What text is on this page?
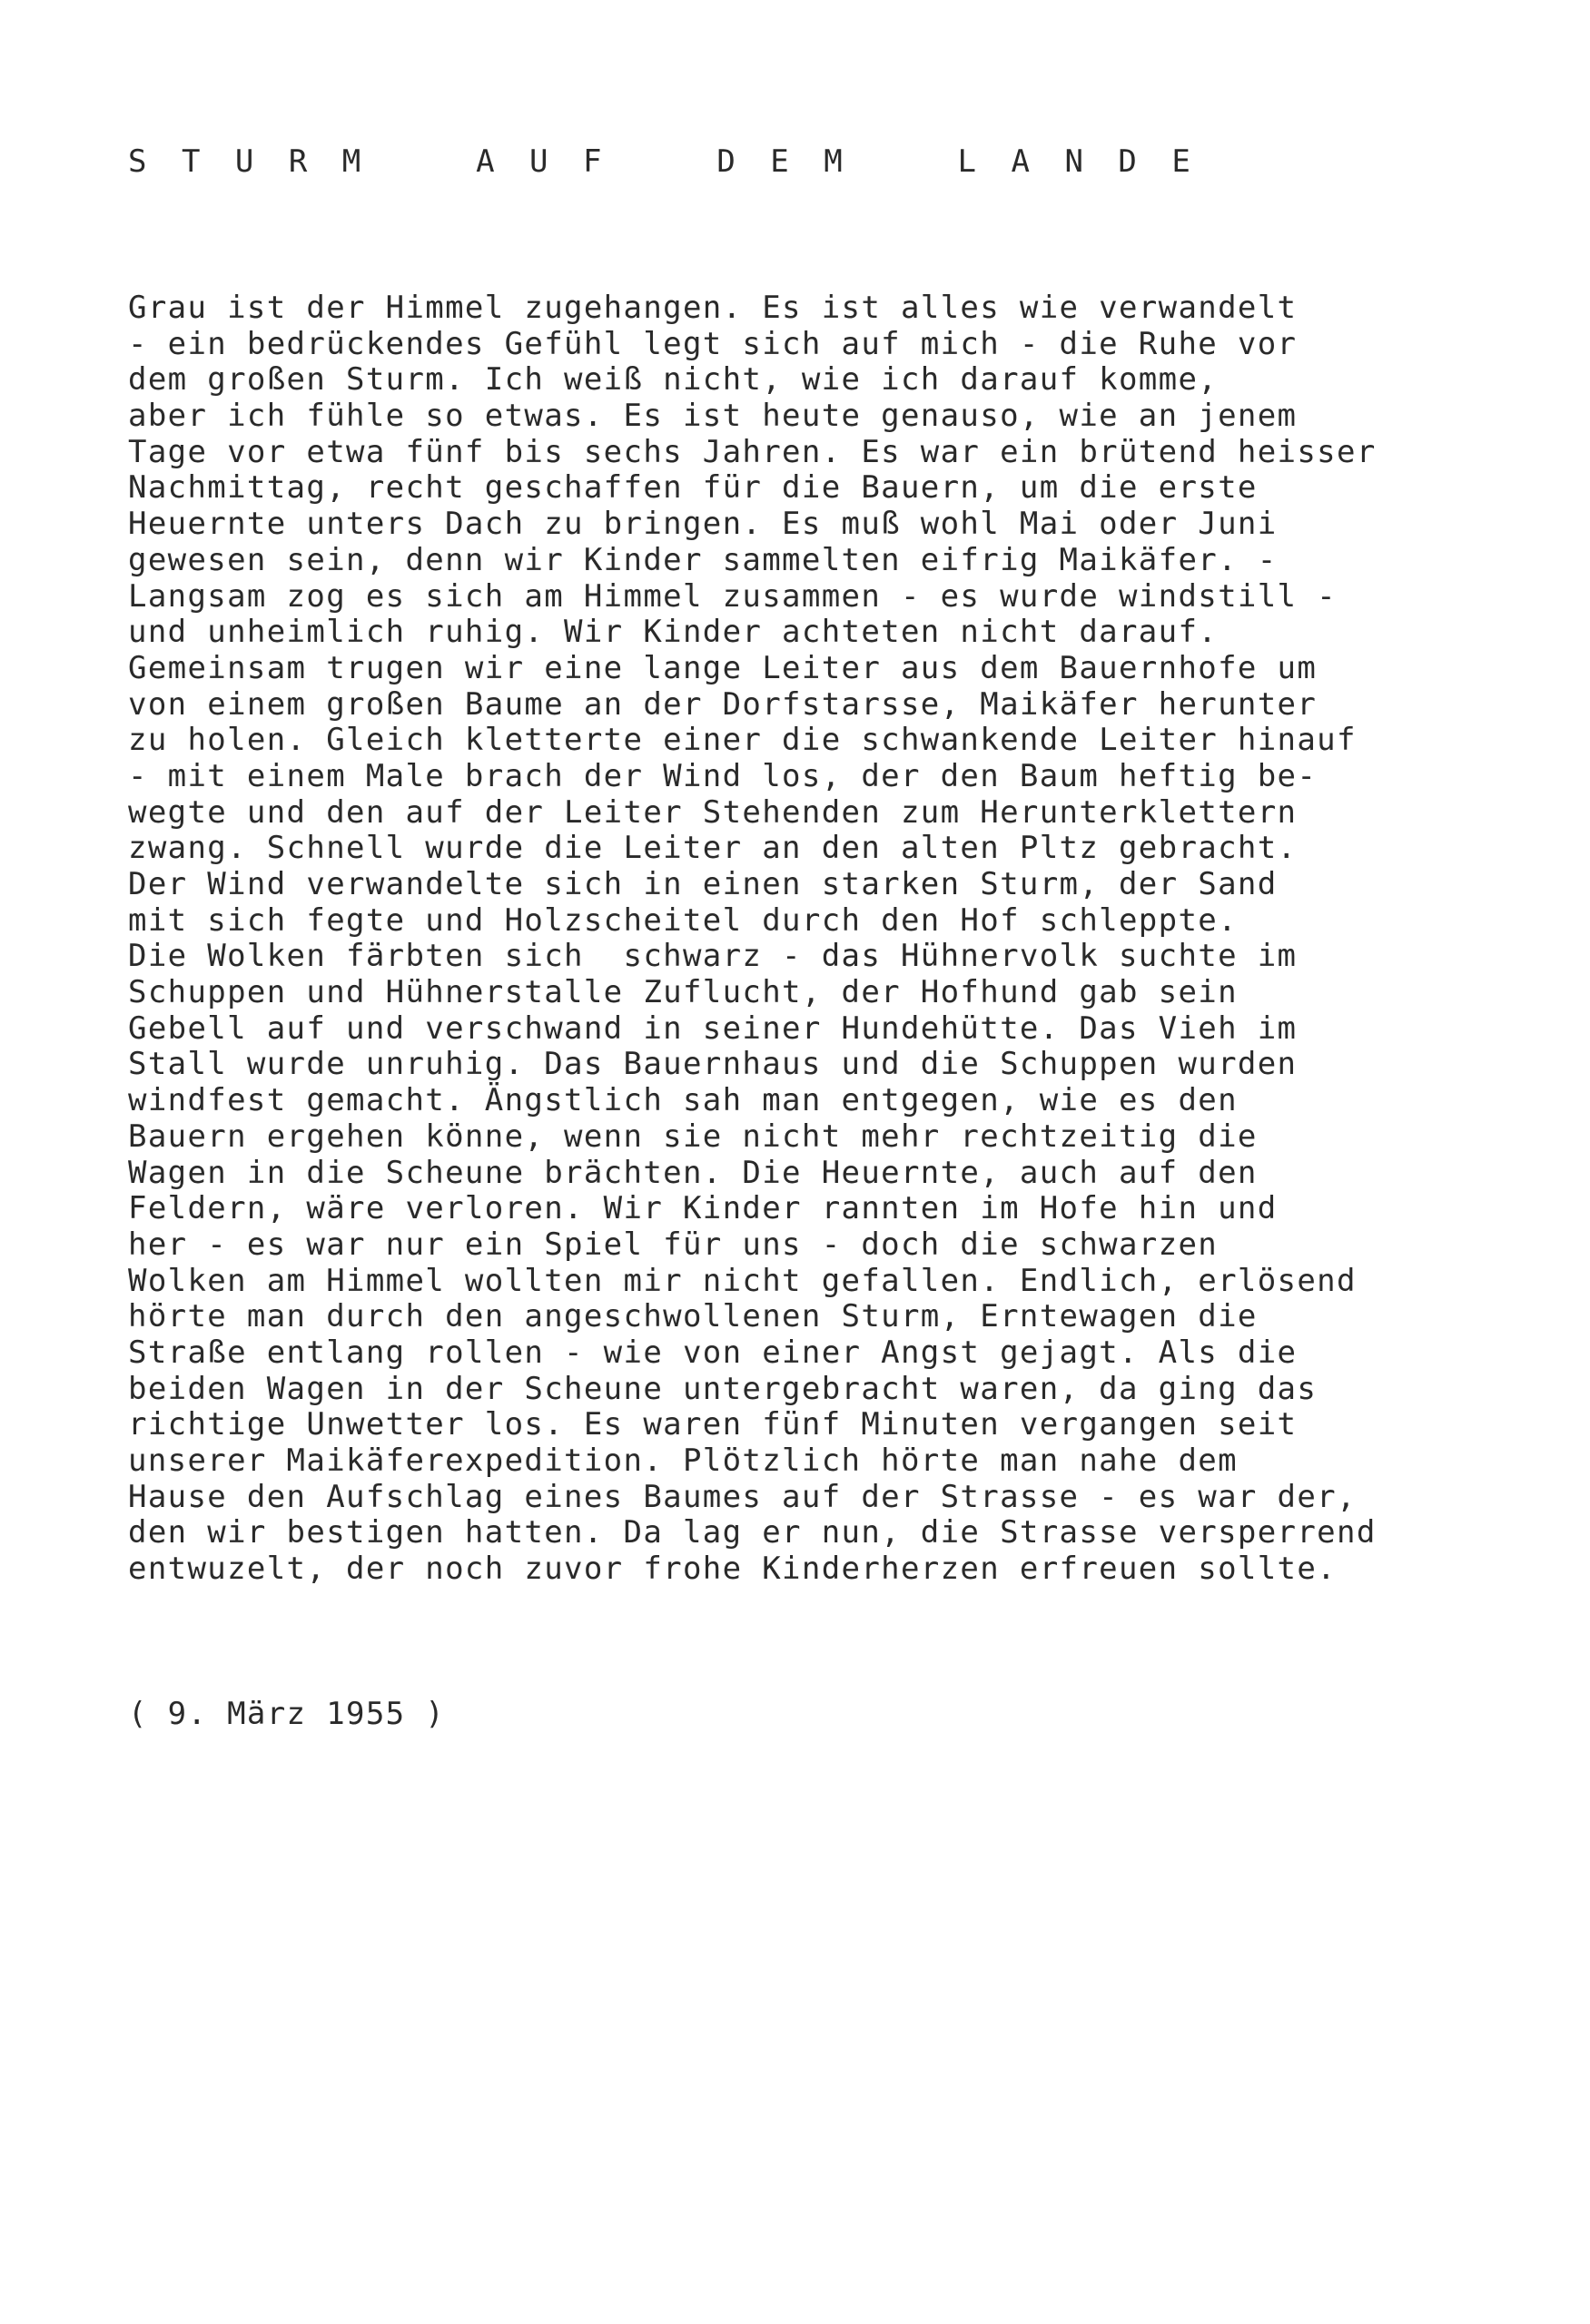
S T U R M    A U F    D E M    L A N D E
Grau ist der Himmel zugehangen. Es ist alles wie verwandelt
- ein bedrückendes Gefühl legt sich auf mich - die Ruhe vor
dem großen Sturm. Ich weiß nicht, wie ich darauf komme,
aber ich fühle so etwas. Es ist heute genauso, wie an jenem
Tage vor etwa fünf bis sechs Jahren. Es war ein brütend heisser
Nachmittag, recht geschaffen für die Bauern, um die erste
Heuernte unters Dach zu bringen. Es muß wohl Mai oder Juni
gewesen sein, denn wir Kinder sammelten eifrig Maikäfer. -
Langsam zog es sich am Himmel zusammen - es wurde windstill -
und unheimlich ruhig. Wir Kinder achteten nicht darauf.
Gemeinsam trugen wir eine lange Leiter aus dem Bauernhofe um
von einem großen Baume an der Dorfstarsse, Maikäfer herunter
zu holen. Gleich kletterte einer die schwankende Leiter hinauf
- mit einem Male brach der Wind los, der den Baum heftig be-
wegte und den auf der Leiter Stehenden zum Herunterklettern
zwang. Schnell wurde die Leiter an den alten Pltz gebracht.
Der Wind verwandelte sich in einen starken Sturm, der Sand
mit sich fegte und Holzscheitel durch den Hof schleppte.
Die Wolken färbten sich  schwarz - das Hühnervolk suchte im
Schuppen und Hühnerstalle Zuflucht, der Hofhund gab sein
Gebell auf und verschwand in seiner Hundehütte. Das Vieh im
Stall wurde unruhig. Das Bauernhaus und die Schuppen wurden
windfest gemacht. Ängstlich sah man entgegen, wie es den
Bauern ergehen könne, wenn sie nicht mehr rechtzeitig die
Wagen in die Scheune brächten. Die Heuernte, auch auf den
Feldern, wäre verloren. Wir Kinder rannten im Hofe hin und
her - es war nur ein Spiel für uns - doch die schwarzen
Wolken am Himmel wollten mir nicht gefallen. Endlich, erlösend
hörte man durch den angeschwollenen Sturm, Erntewagen die
Straße entlang rollen - wie von einer Angst gejagt. Als die
beiden Wagen in der Scheune untergebracht waren, da ging das
richtige Unwetter los. Es waren fünf Minuten vergangen seit
unserer Maikäferexpedition. Plötzlich hörte man nahe dem
Hause den Aufschlag eines Baumes auf der Strasse - es war der,
den wir bestigen hatten. Da lag er nun, die Strasse versperrend
entwuzelt, der noch zuvor frohe Kinderherzen erfreuen sollte.
( 9. März 1955 )
